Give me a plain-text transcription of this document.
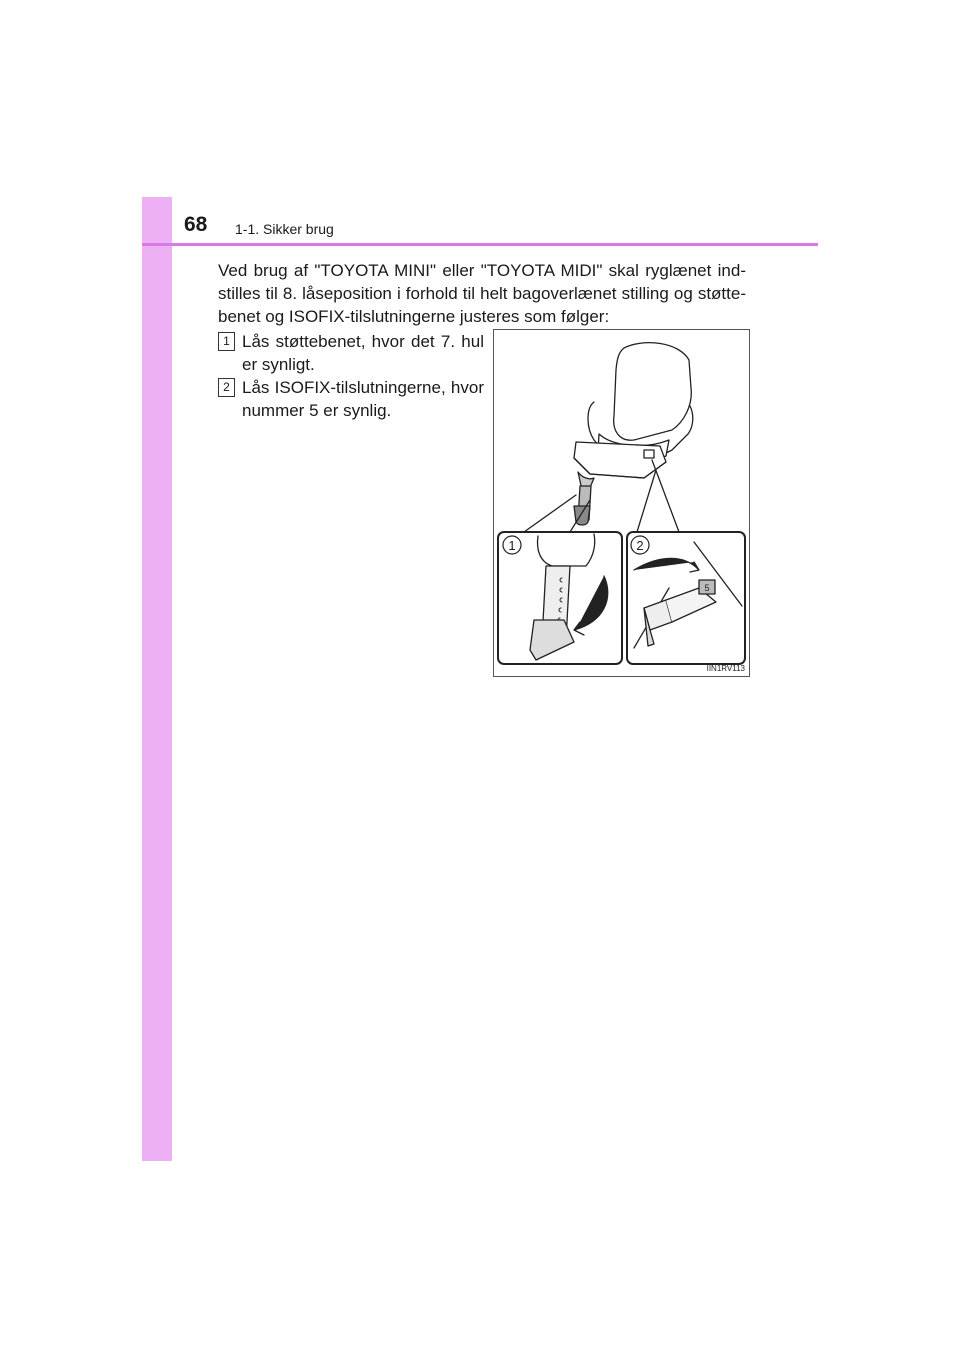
68 1-1. Sikker brug

Ved brug af "TOYOTA MINI" eller "TOYOTA MIDI" skal ryglænet ind-stilles til 8. låseposition i forhold til helt bagoverlænet stilling og støtte-benet og ISOFIX-tilslutningerne justeres som følger:

1 Lås støttebenet, hvor det 7. hul er synligt.
2 Lås ISOFIX-tilslutningerne, hvor nummer 5 er synlig.
1	2
5
IIN1RV113
